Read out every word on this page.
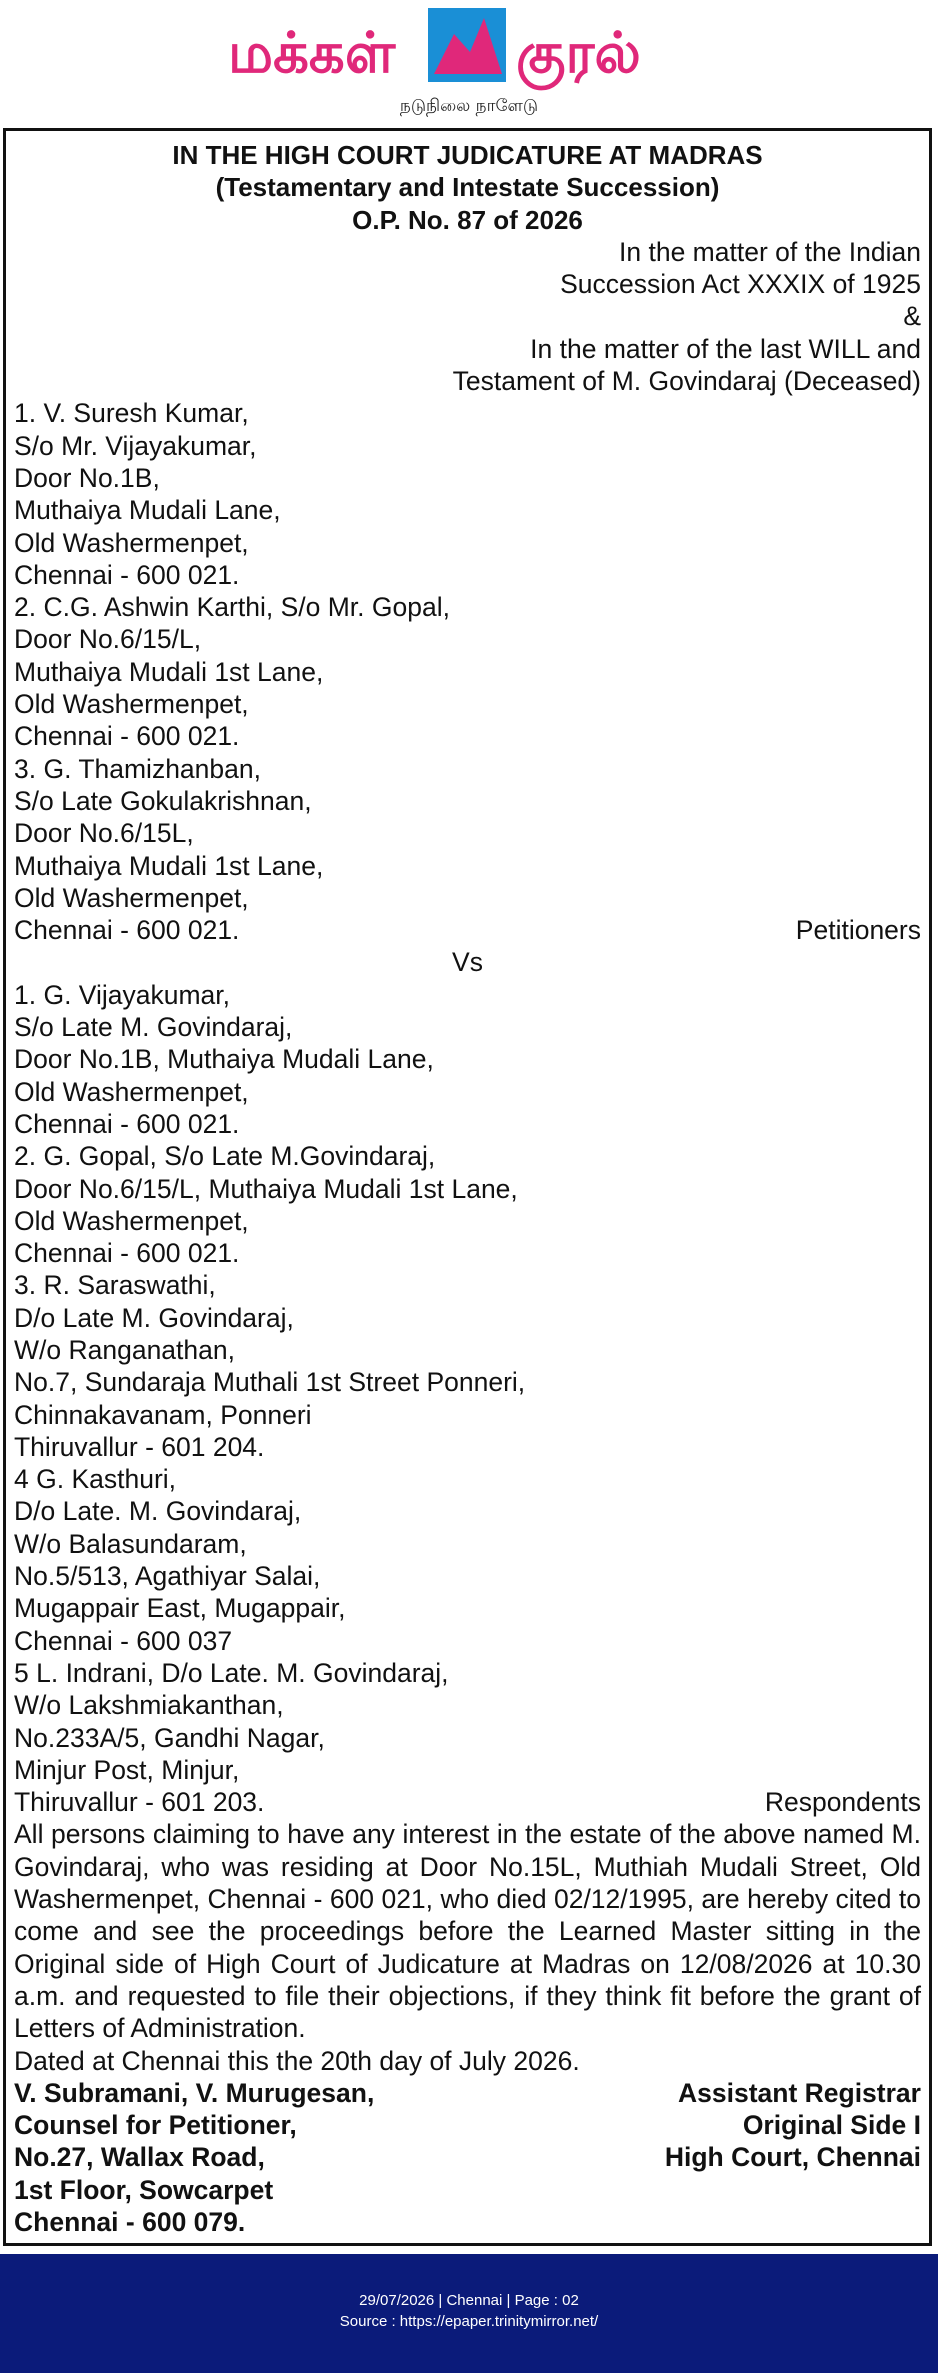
மக்கள் குரல்
நடுநிலை நாளேடு
IN THE HIGH COURT JUDICATURE AT MADRAS
(Testamentary and Intestate Succession)
O.P. No. 87 of 2026
In the matter of the Indian
Succession Act XXXIX of 1925
&
In the matter of the last WILL and
Testament of M. Govindaraj (Deceased)
1. V. Suresh Kumar,
S/o Mr. Vijayakumar,
Door No.1B,
Muthaiya Mudali Lane,
Old Washermenpet,
Chennai - 600 021.
2. C.G. Ashwin Karthi, S/o Mr. Gopal,
Door No.6/15/L,
Muthaiya Mudali 1st Lane,
Old Washermenpet,
Chennai - 600 021.
3. G. Thamizhanban,
S/o Late Gokulakrishnan,
Door No.6/15L,
Muthaiya Mudali 1st Lane,
Old Washermenpet,
Chennai - 600 021.	Petitioners
Vs
1. G. Vijayakumar,
S/o Late M. Govindaraj,
Door No.1B, Muthaiya Mudali Lane,
Old Washermenpet,
Chennai - 600 021.
2. G. Gopal, S/o Late M.Govindaraj,
Door No.6/15/L, Muthaiya Mudali 1st Lane,
Old Washermenpet,
Chennai - 600 021.
3. R. Saraswathi,
D/o Late M. Govindaraj,
W/o Ranganathan,
No.7, Sundaraja Muthali 1st Street Ponneri,
Chinnakavanam, Ponneri
Thiruvallur - 601 204.
4 G. Kasthuri,
D/o Late. M. Govindaraj,
W/o Balasundaram,
No.5/513, Agathiyar Salai,
Mugappair East, Mugappair,
Chennai - 600 037
5 L. Indrani, D/o Late. M. Govindaraj,
W/o Lakshmiakanthan,
No.233A/5, Gandhi Nagar,
Minjur Post, Minjur,
Thiruvallur - 601 203.	Respondents
All persons claiming to have any interest in the estate of the above named M. Govindaraj, who was residing at Door No.15L, Muthiah Mudali Street, Old Washermenpet, Chennai - 600 021, who died 02/12/1995, are hereby cited to come and see the proceedings before the Learned Master sitting in the Original side of High Court of Judicature at Madras on 12/08/2026 at 10.30 a.m. and requested to file their objections, if they think fit before the grant of Letters of Administration.
Dated at Chennai this the 20th day of July 2026.
V. Subramani, V. Murugesan,
Counsel for Petitioner,
No.27, Wallax Road,
1st Floor, Sowcarpet
Chennai - 600 079.
Assistant Registrar
Original Side I
High Court, Chennai
29/07/2026 | Chennai | Page : 02
Source : https://epaper.trinitymirror.net/
